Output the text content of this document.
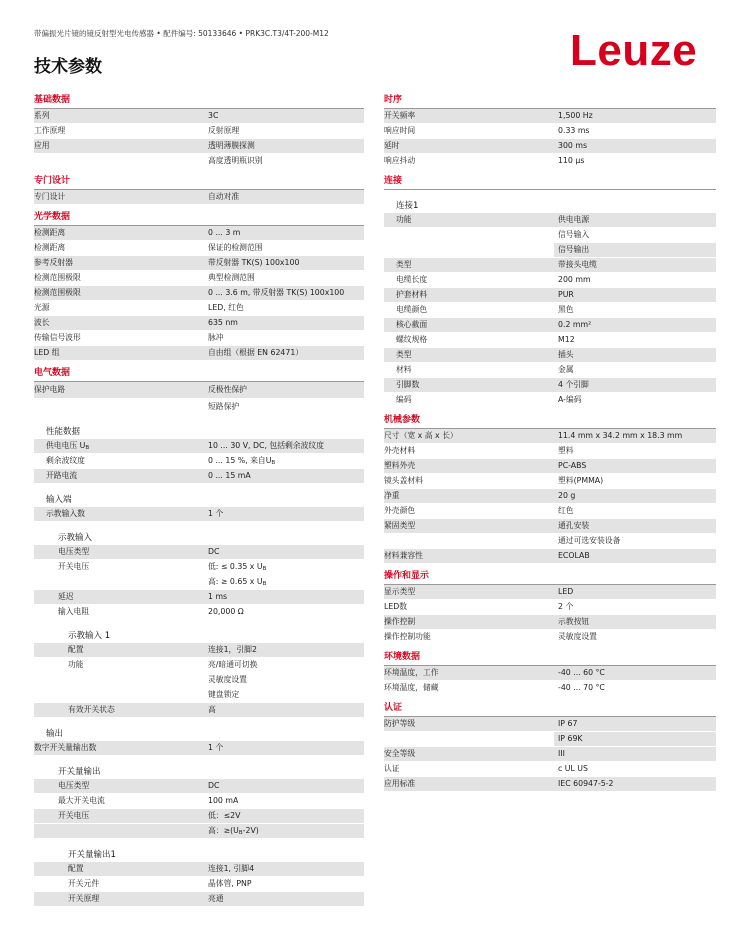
带偏振光片镜的镜反射型光电传感器 • 配件编号: 50133646 • PRK3C.T3/4T-200-M12
技术参数	Leuze
基础数据
系列	3C
工作原理	反射原理
应用	透明薄膜探测
高度透明瓶识别
专门设计
专门设计	自动对准
光学数据
检测距离	0 ... 3 m
检测距离	保证的检测范围
参考反射器	带反射器 TK(S) 100x100
检测范围极限	典型检测范围
检测范围极限	0 ... 3.6 m, 带反射器 TK(S) 100x100
光源	LED, 红色
波长	635 nm
传输信号波形	脉冲
LED 组	自由组（根据 EN 62471）
电气数据
保护电路	反极性保护
短路保护
性能数据
供电电压 $U_B$	10 ... 30 V, DC, 包括剩余波纹度
剩余波纹度	0 ... 15 %, 来自$U_B$
开路电流	0 ... 15 mA
输入端
示教输入数	1 个
示教输入
电压类型	DC
开关电压	低: ≤ 0.35 x $U_B$
高: ≥ 0.65 x $U_B$
延迟	1 ms
输入电阻	20,000 Ω
示教输入 1
配置	连接1，引脚2
功能	亮/暗通可切换
灵敏度设置
键盘锁定
有效开关状态	高
输出
数字开关量输出数	1 个
开关量输出
电压类型	DC
最大开关电流	100 mA
开关电压	低：≤2V
高：$\ge(U_B-2V)$
开关量输出1
配置	连接1, 引脚4
开关元件	晶体管, PNP
开关原理	亮通
时序
开关频率	1,500 Hz
响应时间	0.33 ms
延时	300 ms
响应抖动	110 µs
连接
连接1
功能	供电电源
信号输入
信号输出
类型	带接头电缆
电缆长度	200 mm
护套材料	PUR
电缆颜色	黑色
核心截面	0.2 mm²
螺纹规格	M12
类型	插头
材料	金属
引脚数	4 个引脚
编码	A-编码
机械参数
尺寸（宽 x 高 x 长）	11.4 mm x 34.2 mm x 18.3 mm
外壳材料	塑料
塑料外壳	PC-ABS
镜头盖材料	塑料(PMMA)
净重	20 g
外壳颜色	红色
紧固类型	通孔安装
通过可选安装设备
材料兼容性	ECOLAB
操作和显示
显示类型	LED
LED数	2 个
操作控制	示教按钮
操作控制功能	灵敏度设置
环境数据
环境温度，工作	-40 ... 60 °C
环境温度，储藏	-40 ... 70 °C
认证
防护等级	IP 67
IP 69K
安全等级	III
认证	c UL US
应用标准	IEC 60947-5-2
